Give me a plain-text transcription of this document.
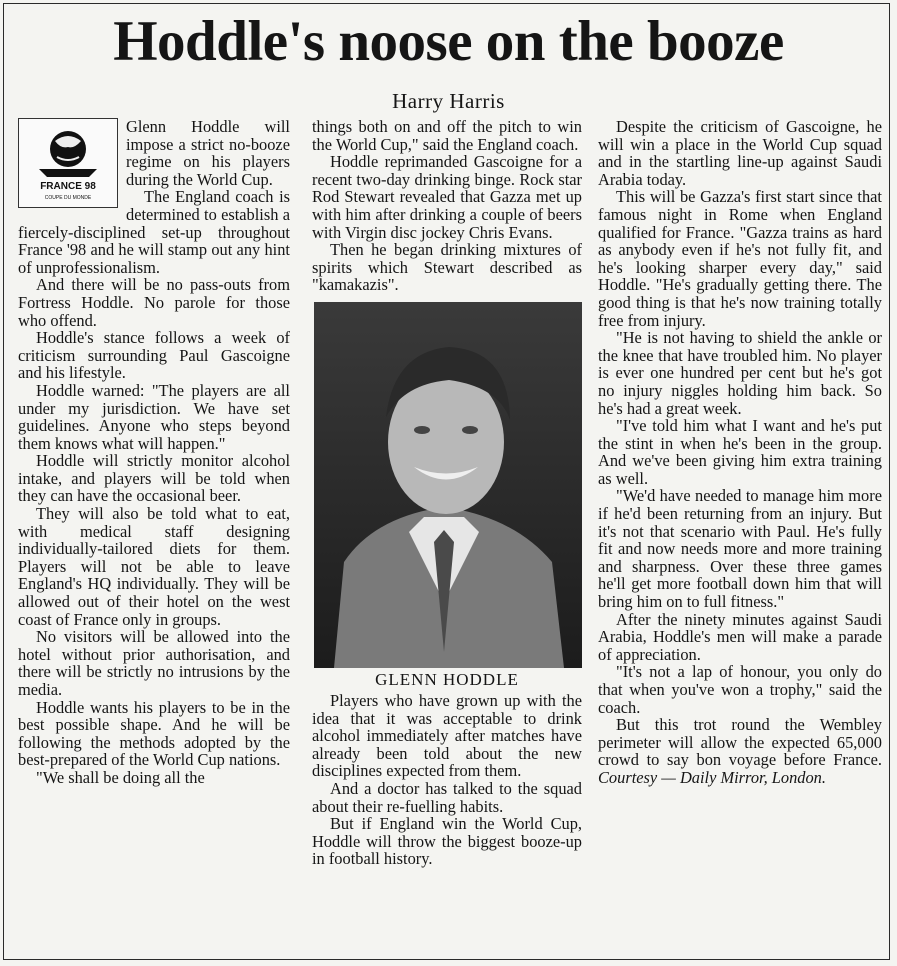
Hoddle's noose on the booze
Harry Harris
FRANCE 98
COUPE DU MONDE

Glenn Hoddle will impose a strict no-booze regime on his players during the World Cup.

The England coach is determined to establish a fiercely-disciplined set-up throughout France '98 and he will stamp out any hint of unprofessionalism.

And there will be no pass-outs from Fortress Hoddle. No parole for those who offend.

Hoddle's stance follows a week of criticism surrounding Paul Gascoigne and his lifestyle.

Hoddle warned: "The players are all under my jurisdiction. We have set guidelines. Anyone who steps beyond them knows what will happen."

Hoddle will strictly monitor alcohol intake, and players will be told when they can have the occasional beer.

They will also be told what to eat, with medical staff designing individually-tailored diets for them. Players will not be able to leave England's HQ individually. They will be allowed out of their hotel on the west coast of France only in groups.

No visitors will be allowed into the hotel without prior authorisation, and there will be strictly no intrusions by the media.

Hoddle wants his players to be in the best possible shape. And he will be following the methods adopted by the best-prepared of the World Cup nations.

"We shall be doing all the

things both on and off the pitch to win the World Cup," said the England coach.

Hoddle reprimanded Gascoigne for a recent two-day drinking binge. Rock star Rod Stewart revealed that Gazza met up with him after drinking a couple of beers with Virgin disc jockey Chris Evans.

Then he began drinking mixtures of spirits which Stewart described as "kamakazis".

GLENN HODDLE

Players who have grown up with the idea that it was acceptable to drink alcohol immediately after matches have already been told about the new disciplines expected from them.

And a doctor has talked to the squad about their re-fuelling habits.

But if England win the World Cup, Hoddle will throw the biggest booze-up in football history.

Despite the criticism of Gascoigne, he will win a place in the World Cup squad and in the startling line-up against Saudi Arabia today.

This will be Gazza's first start since that famous night in Rome when England qualified for France. "Gazza trains as hard as anybody even if he's not fully fit, and he's looking sharper every day," said Hoddle. "He's gradually getting there. The good thing is that he's now training totally free from injury.

"He is not having to shield the ankle or the knee that have troubled him. No player is ever one hundred per cent but he's got no injury niggles holding him back. So he's had a great week.

"I've told him what I want and he's put the stint in when he's been in the group. And we've been giving him extra training as well.

"We'd have needed to manage him more if he'd been returning from an injury. But it's not that scenario with Paul. He's fully fit and now needs more and more training and sharpness. Over these three games he'll get more football down him that will bring him on to full fitness."

After the ninety minutes against Saudi Arabia, Hoddle's men will make a parade of appreciation.

"It's not a lap of honour, you only do that when you've won a trophy," said the coach.

But this trot round the Wembley perimeter will allow the expected 65,000 crowd to say bon voyage before France. Courtesy — Daily Mirror, London.
